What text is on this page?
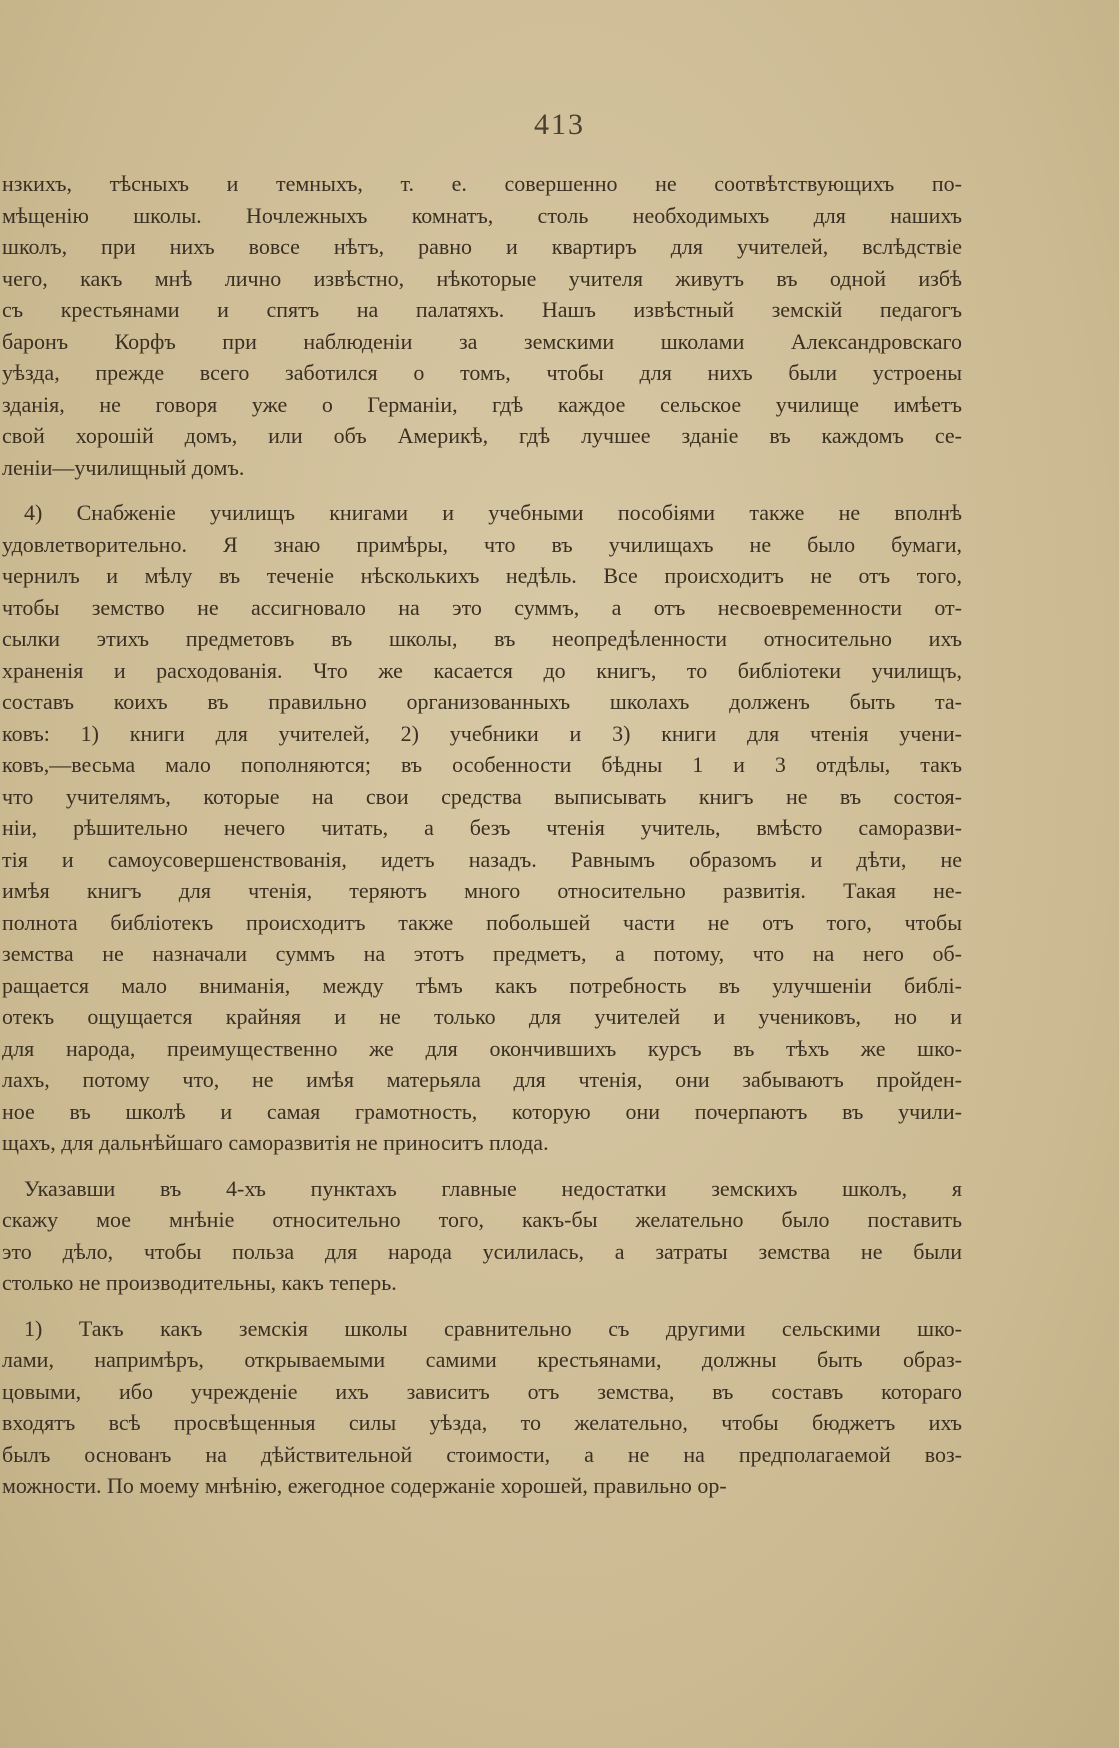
413
нзкихъ, тѣсныхъ и темныхъ, т. е. совершенно не соотвѣтствующихъ по-
мѣщенію школы. Ночлежныхъ комнатъ, столь необходимыхъ для нашихъ
школъ, при нихъ вовсе нѣтъ, равно и квартиръ для учителей, вслѣдствіе
чего, какъ мнѣ лично извѣстно, нѣкоторые учителя живутъ въ одной избѣ
съ крестьянами и спятъ на палатяхъ. Нашъ извѣстный земскій педагогъ
баронъ Корфъ при наблюденіи за земскими школами Александровскаго
уѣзда, прежде всего заботился о томъ, чтобы для нихъ были устроены
зданія, не говоря уже о Германіи, гдѣ каждое сельское училище имѣетъ
свой хорошій домъ, или объ Америкѣ, гдѣ лучшее зданіе въ каждомъ се-
леніи—училищный домъ.
4) Снабженіе училищъ книгами и учебными пособіями также не вполнѣ
удовлетворительно. Я знаю примѣры, что въ училищахъ не было бумаги,
чернилъ и мѣлу въ теченіе нѣсколькихъ недѣль. Все происходитъ не отъ того,
чтобы земство не ассигновало на это суммъ, а отъ несвоевременности от-
сылки этихъ предметовъ въ школы, въ неопредѣленности относительно ихъ
храненія и расходованія. Что же касается до книгъ, то библіотеки училищъ,
составъ коихъ въ правильно организованныхъ школахъ долженъ быть та-
ковъ: 1) книги для учителей, 2) учебники и 3) книги для чтенія учени-
ковъ,—весьма мало пополняются; въ особенности бѣдны 1 и 3 отдѣлы, такъ
что учителямъ, которые на свои средства выписывать книгъ не въ состоя-
ніи, рѣшительно нечего читать, а безъ чтенія учитель, вмѣсто саморазви-
тія и самоусовершенствованія, идетъ назадъ. Равнымъ образомъ и дѣти, не
имѣя книгъ для чтенія, теряютъ много относительно развитія. Такая не-
полнота библіотекъ происходитъ также побольшей части не отъ того, чтобы
земства не назначали суммъ на этотъ предметъ, а потому, что на него об-
ращается мало вниманія, между тѣмъ какъ потребность въ улучшеніи библі-
отекъ ощущается крайняя и не только для учителей и учениковъ, но и
для народа, преимущественно же для окончившихъ курсъ въ тѣхъ же шко-
лахъ, потому что, не имѣя матерьяла для чтенія, они забываютъ пройден-
ное въ школѣ и самая грамотность, которую они почерпаютъ въ учили-
щахъ, для дальнѣйшаго саморазвитія не приноситъ плода.
Указавши въ 4-хъ пунктахъ главные недостатки земскихъ школъ, я
скажу мое мнѣніе относительно того, какъ-бы желательно было поставить
это дѣло, чтобы польза для народа усилилась, а затраты земства не были
столько не производительны, какъ теперь.
1) Такъ какъ земскія школы сравнительно съ другими сельскими шко-
лами, напримѣръ, открываемыми самими крестьянами, должны быть образ-
цовыми, ибо учрежденіе ихъ зависитъ отъ земства, въ составъ котораго
входятъ всѣ просвѣщенныя силы уѣзда, то желательно, чтобы бюджетъ ихъ
былъ основанъ на дѣйствительной стоимости, а не на предполагаемой воз-
можности. По моему мнѣнію, ежегодное содержаніе хорошей, правильно ор-
